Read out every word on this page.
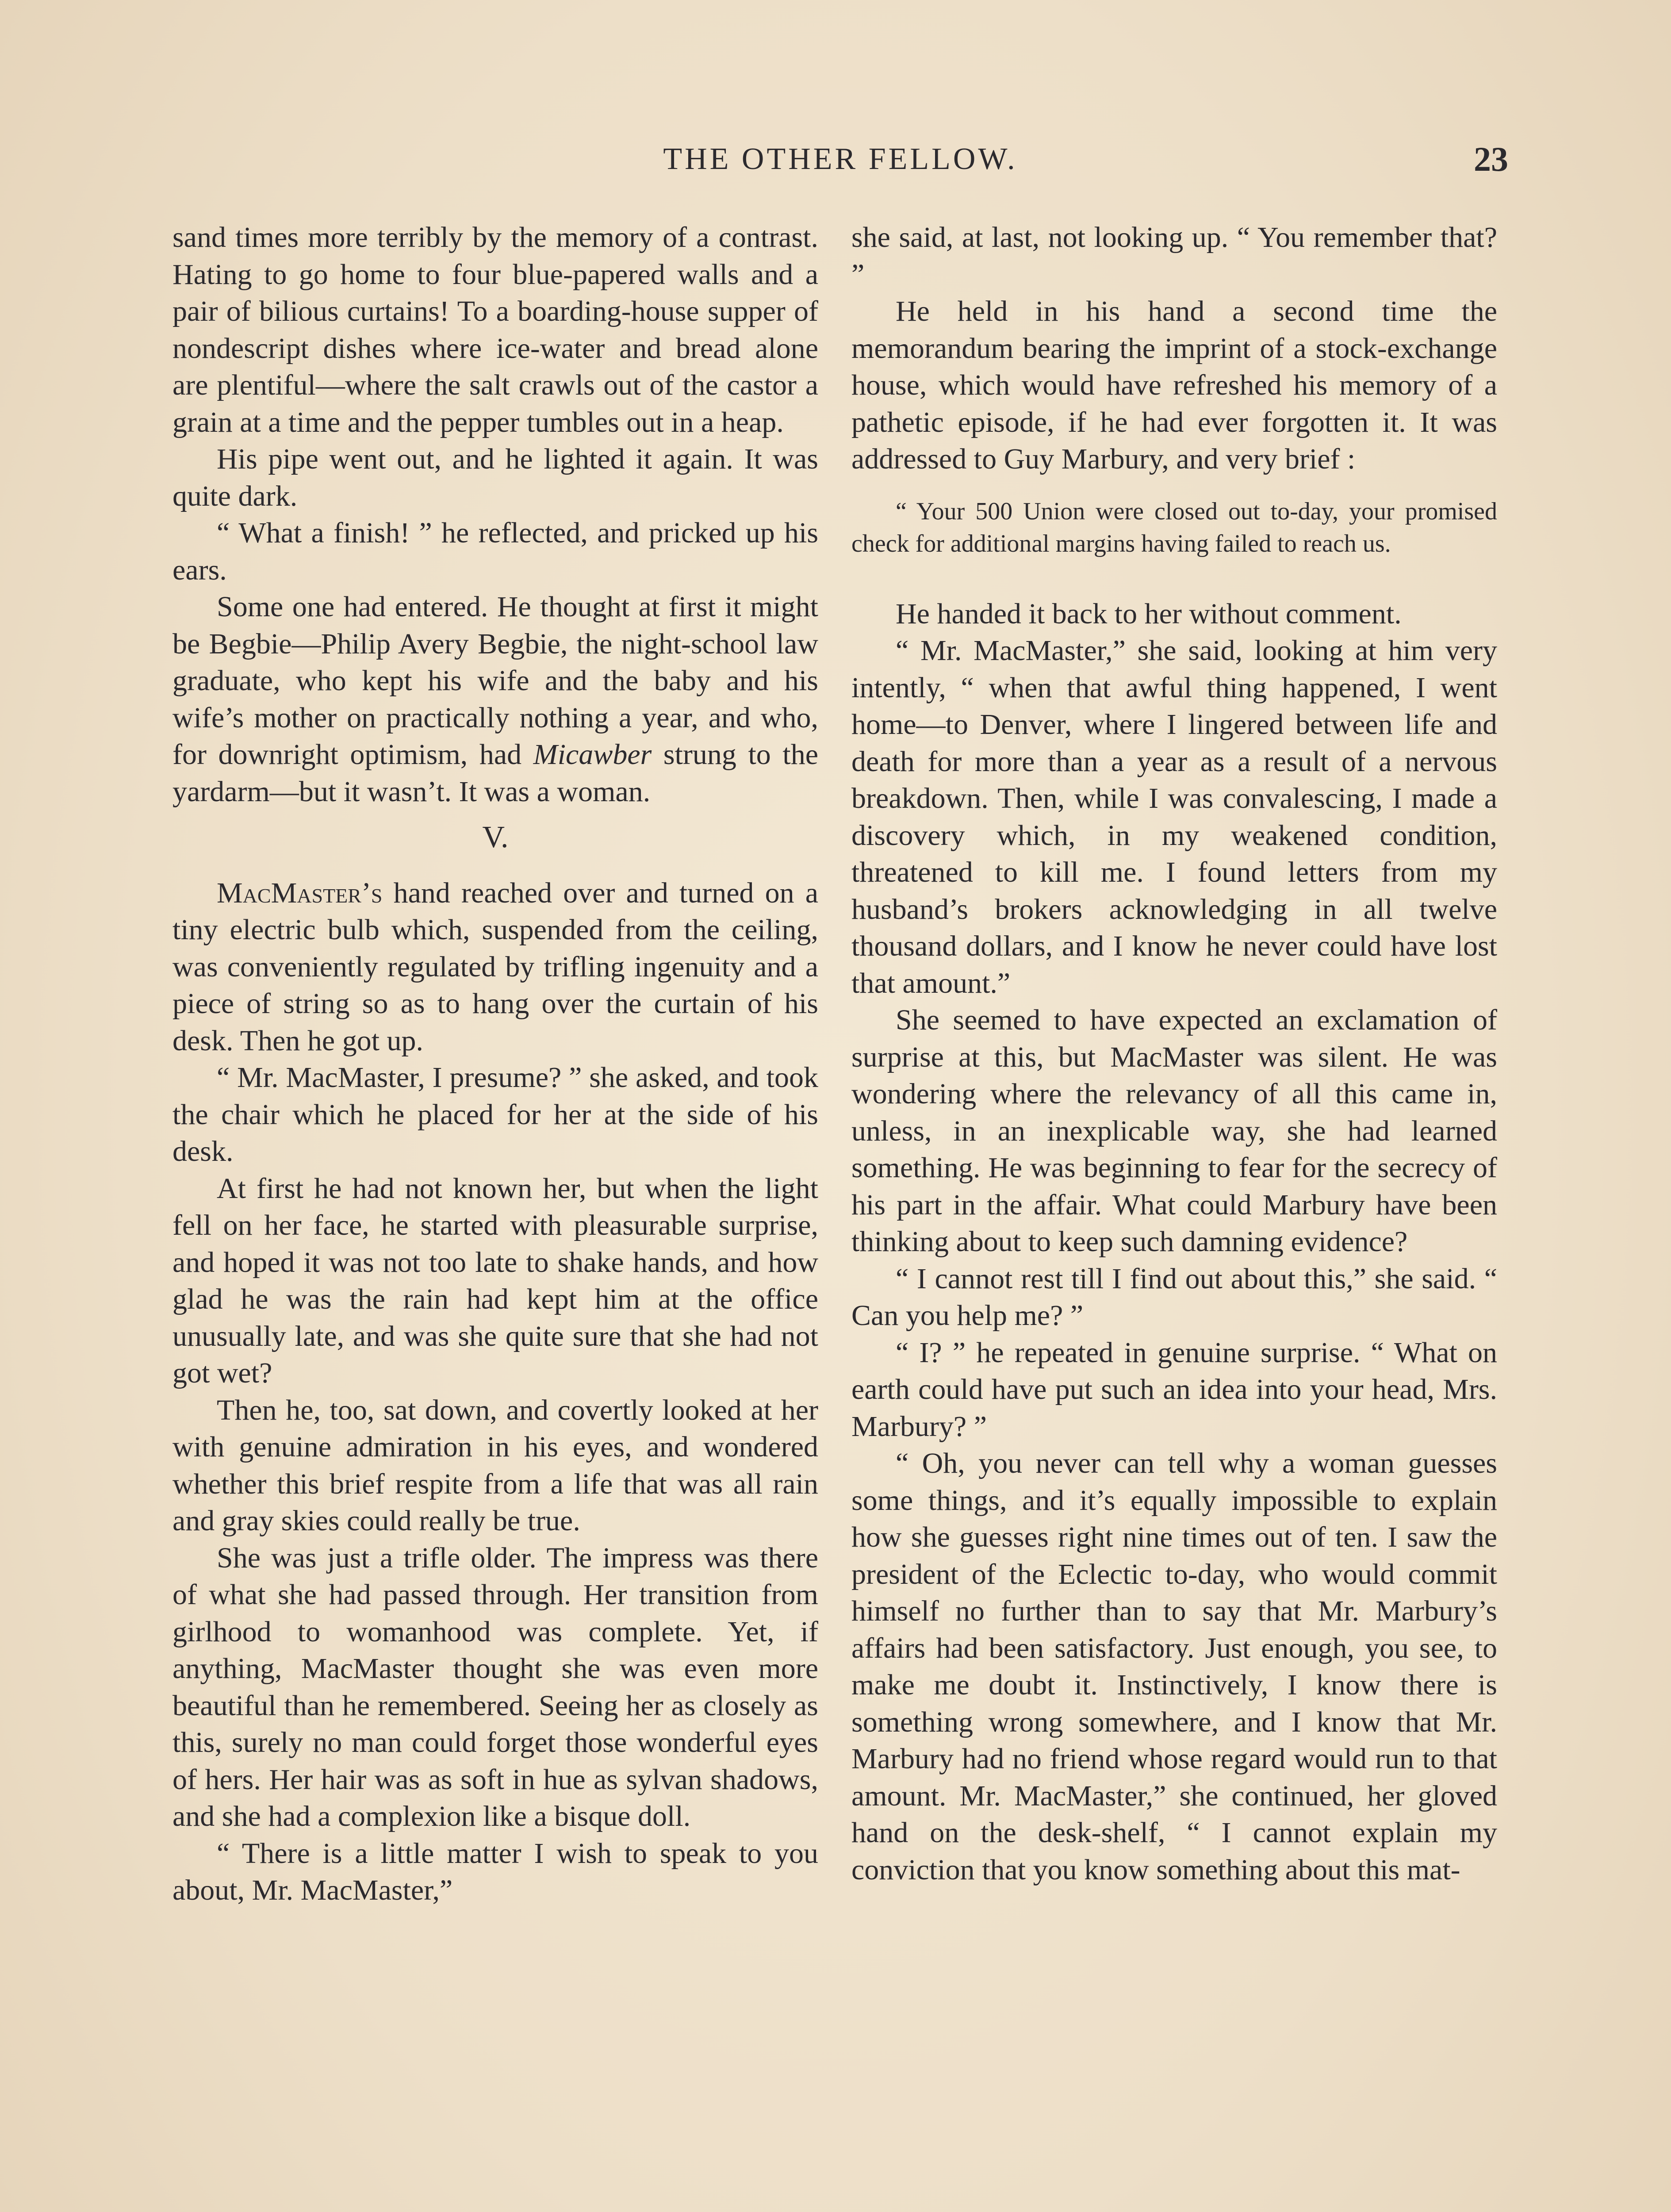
THE OTHER FELLOW.	23

sand times more terribly by the memory of a contrast. Hating to go home to four blue-papered walls and a pair of bilious curtains! To a boarding-house supper of nondescript dishes where ice-water and bread alone are plentiful—where the salt crawls out of the castor a grain at a time and the pepper tumbles out in a heap.

His pipe went out, and he lighted it again. It was quite dark.

“ What a finish! ” he reflected, and pricked up his ears.

Some one had entered. He thought at first it might be Begbie—Philip Avery Begbie, the night-school law graduate, who kept his wife and the baby and his wife’s mother on practically nothing a year, and who, for downright optimism, had Micawber strung to the yardarm—but it wasn’t. It was a woman.

V.

MacMaster’s hand reached over and turned on a tiny electric bulb which, suspended from the ceiling, was conveniently regulated by trifling ingenuity and a piece of string so as to hang over the curtain of his desk. Then he got up.

“ Mr. MacMaster, I presume? ” she asked, and took the chair which he placed for her at the side of his desk.

At first he had not known her, but when the light fell on her face, he started with pleasurable surprise, and hoped it was not too late to shake hands, and how glad he was the rain had kept him at the office unusually late, and was she quite sure that she had not got wet?

Then he, too, sat down, and covertly looked at her with genuine admiration in his eyes, and wondered whether this brief respite from a life that was all rain and gray skies could really be true.

She was just a trifle older. The impress was there of what she had passed through. Her transition from girlhood to womanhood was complete. Yet, if anything, MacMaster thought she was even more beautiful than he remembered. Seeing her as closely as this, surely no man could forget those wonderful eyes of hers. Her hair was as soft in hue as sylvan shadows, and she had a complexion like a bisque doll.

“ There is a little matter I wish to speak to you about, Mr. MacMaster,”

she said, at last, not looking up. “ You remember that? ”

He held in his hand a second time the memorandum bearing the imprint of a stock-exchange house, which would have refreshed his memory of a pathetic episode, if he had ever forgotten it. It was addressed to Guy Marbury, and very brief :

“ Your 500 Union were closed out to-day, your promised check for additional margins having failed to reach us.

He handed it back to her without comment.

“ Mr. MacMaster,” she said, looking at him very intently, “ when that awful thing happened, I went home—to Denver, where I lingered between life and death for more than a year as a result of a nervous breakdown. Then, while I was convalescing, I made a discovery which, in my weakened condition, threatened to kill me. I found letters from my husband’s brokers acknowledging in all twelve thousand dollars, and I know he never could have lost that amount.”

She seemed to have expected an exclamation of surprise at this, but MacMaster was silent. He was wondering where the relevancy of all this came in, unless, in an inexplicable way, she had learned something. He was beginning to fear for the secrecy of his part in the affair. What could Marbury have been thinking about to keep such damning evidence?

“ I cannot rest till I find out about this,” she said. “ Can you help me? ”

“ I? ” he repeated in genuine surprise. “ What on earth could have put such an idea into your head, Mrs. Marbury? ”

“ Oh, you never can tell why a woman guesses some things, and it’s equally impossible to explain how she guesses right nine times out of ten. I saw the president of the Eclectic to-day, who would commit himself no further than to say that Mr. Marbury’s affairs had been satisfactory. Just enough, you see, to make me doubt it. Instinctively, I know there is something wrong somewhere, and I know that Mr. Marbury had no friend whose regard would run to that amount. Mr. MacMaster,” she continued, her gloved hand on the desk-shelf, “ I cannot explain my conviction that you know something about this mat-
